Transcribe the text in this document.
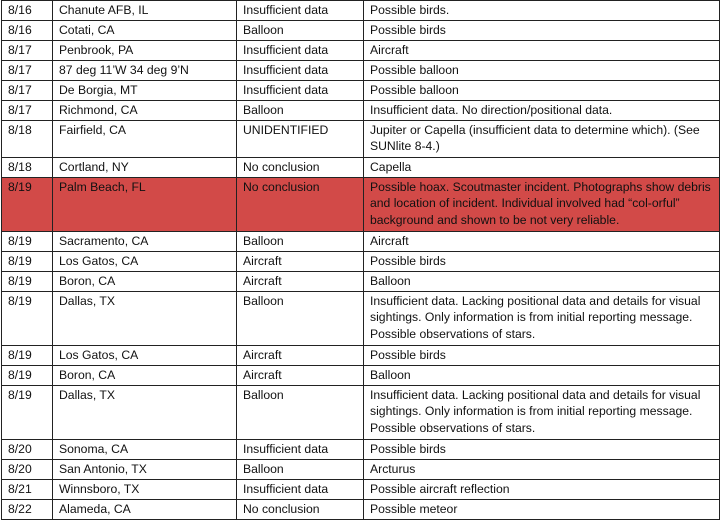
8/16	Chanute AFB, IL	Insufficient data	Possible birds.
8/16	Cotati, CA	Balloon	Possible birds
8/17	Penbrook, PA	Insufficient data	Aircraft
8/17	87 deg 11’W 34 deg 9’N	Insufficient data	Possible balloon
8/17	De Borgia, MT	Insufficient data	Possible balloon
8/17	Richmond, CA	Balloon	Insufficient data. No direction/positional data.
8/18	Fairfield, CA	UNIDENTIFIED	Jupiter or Capella (insufficient data to determine which). (See SUNlite 8-4.)
8/18	Cortland, NY	No conclusion	Capella
8/19	Palm Beach, FL	No conclusion	Possible hoax. Scoutmaster incident. Photographs show debris and location of incident. Individual involved had “col-orful” background and shown to be not very reliable.
8/19	Sacramento, CA	Balloon	Aircraft
8/19	Los Gatos, CA	Aircraft	Possible birds
8/19	Boron, CA	Aircraft	Balloon
8/19	Dallas, TX	Balloon	Insufficient data. Lacking positional data and details for visual sightings. Only information is from initial reporting message. Possible observations of stars.
8/19	Los Gatos, CA	Aircraft	Possible birds
8/19	Boron, CA	Aircraft	Balloon
8/19	Dallas, TX	Balloon	Insufficient data. Lacking positional data and details for visual sightings. Only information is from initial reporting message. Possible observations of stars.
8/20	Sonoma, CA	Insufficient data	Possible birds
8/20	San Antonio, TX	Balloon	Arcturus
8/21	Winnsboro, TX	Insufficient data	Possible aircraft reflection
8/22	Alameda, CA	No conclusion	Possible meteor
